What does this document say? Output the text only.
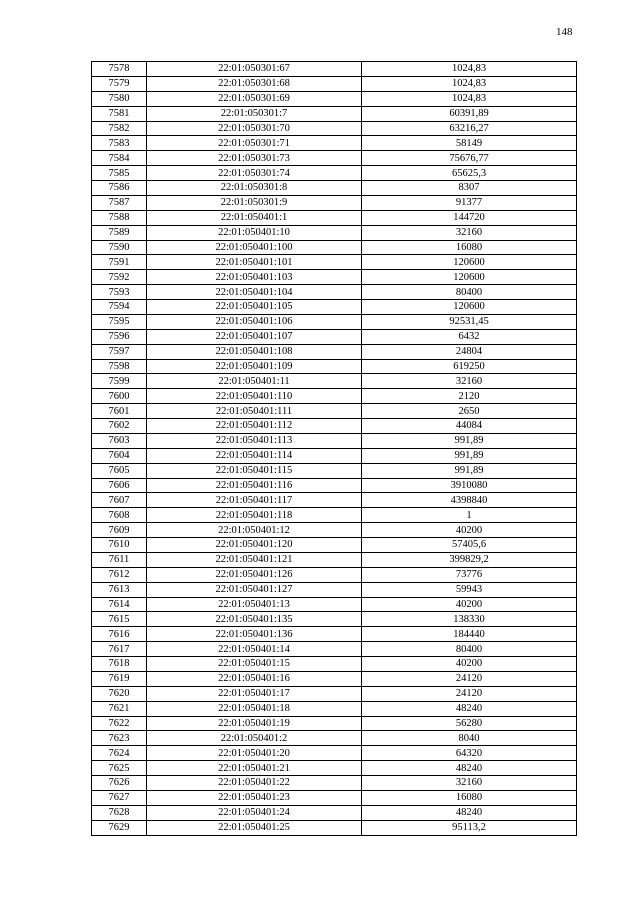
148
7578	22:01:050301:67	1024,83
7579	22:01:050301:68	1024,83
7580	22:01:050301:69	1024,83
7581	22:01:050301:7	60391,89
7582	22:01:050301:70	63216,27
7583	22:01:050301:71	58149
7584	22:01:050301:73	75676,77
7585	22:01:050301:74	65625,3
7586	22:01:050301:8	8307
7587	22:01:050301:9	91377
7588	22:01:050401:1	144720
7589	22:01:050401:10	32160
7590	22:01:050401:100	16080
7591	22:01:050401:101	120600
7592	22:01:050401:103	120600
7593	22:01:050401:104	80400
7594	22:01:050401:105	120600
7595	22:01:050401:106	92531,45
7596	22:01:050401:107	6432
7597	22:01:050401:108	24804
7598	22:01:050401:109	619250
7599	22:01:050401:11	32160
7600	22:01:050401:110	2120
7601	22:01:050401:111	2650
7602	22:01:050401:112	44084
7603	22:01:050401:113	991,89
7604	22:01:050401:114	991,89
7605	22:01:050401:115	991,89
7606	22:01:050401:116	3910080
7607	22:01:050401:117	4398840
7608	22:01:050401:118	1
7609	22:01:050401:12	40200
7610	22:01:050401:120	57405,6
7611	22:01:050401:121	399829,2
7612	22:01:050401:126	73776
7613	22:01:050401:127	59943
7614	22:01:050401:13	40200
7615	22:01:050401:135	138330
7616	22:01:050401:136	184440
7617	22:01:050401:14	80400
7618	22:01:050401:15	40200
7619	22:01:050401:16	24120
7620	22:01:050401:17	24120
7621	22:01:050401:18	48240
7622	22:01:050401:19	56280
7623	22:01:050401:2	8040
7624	22:01:050401:20	64320
7625	22:01:050401:21	48240
7626	22:01:050401:22	32160
7627	22:01:050401:23	16080
7628	22:01:050401:24	48240
7629	22:01:050401:25	95113,2
